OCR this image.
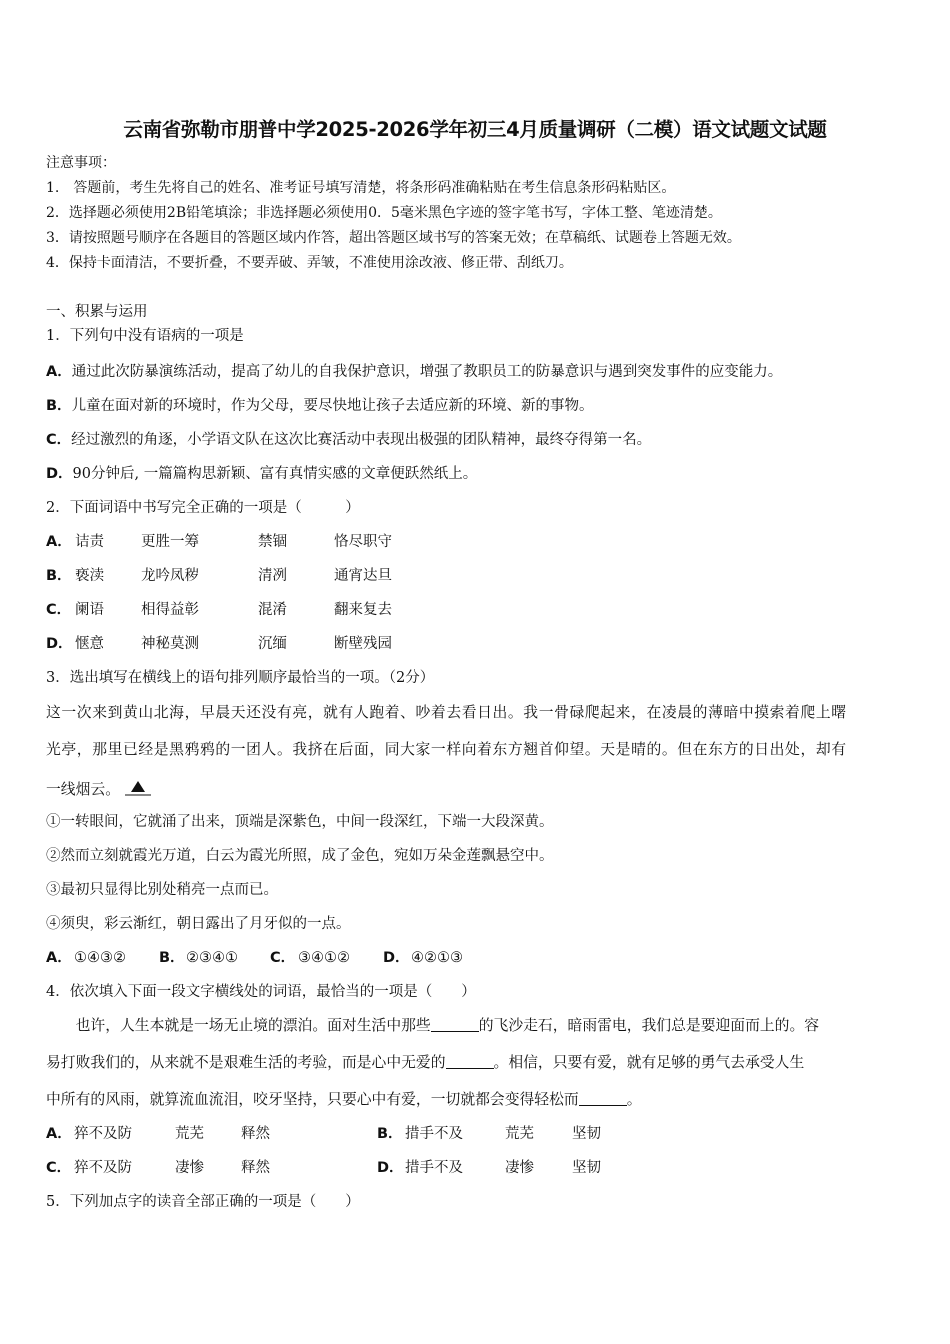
云南省弥勒市朋普中学2025-2026学年初三4月质量调研（二模）语文试题文试题
注意事项：
1.　答题前，考生先将自己的姓名、准考证号填写清楚，将条形码准确粘贴在考生信息条形码粘贴区。
2．选择题必须使用2B铅笔填涂；非选择题必须使用0．5毫米黑色字迹的签字笔书写，字体工整、笔迹清楚。
3．请按照题号顺序在各题目的答题区域内作答，超出答题区域书写的答案无效；在草稿纸、试题卷上答题无效。
4．保持卡面清洁，不要折叠，不要弄破、弄皱，不准使用涂改液、修正带、刮纸刀。
一、积累与运用
1．下列句中没有语病的一项是
A．通过此次防暴演练活动，提高了幼儿的自我保护意识，增强了教职员工的防暴意识与遇到突发事件的应变能力。
B．儿童在面对新的环境时，作为父母，要尽快地让孩子去适应新的环境、新的事物。
C．经过激烈的角逐，小学语文队在这次比赛活动中表现出极强的团队精神，最终夺得第一名。
D．90分钟后, 一篇篇构思新颖、富有真情实感的文章便跃然纸上。
2．下面词语中书写完全正确的一项是（　　　）
A． 诘责	更胜一筹	禁锢	恪尽职守
B． 亵渎	龙吟凤秽	清冽	通宵达旦
C． 阑语	相得益彰	混淆	翻来复去
D． 惬意	神秘莫测	沉缅	断壁残园
3．选出填写在横线上的语句排列顺序最恰当的一项。（2分）
这一次来到黄山北海，早晨天还没有亮，就有人跑着、吵着去看日出。我一骨碌爬起来，在凌晨的薄暗中摸索着爬上曙
光亭，那里已经是黑鸦鸦的一团人。我挤在后面，同大家一样向着东方翘首仰望。天是晴的。但在东方的日出处，却有
一线烟云。
①一转眼间，它就涌了出来，顶端是深紫色，中间一段深红，下端一大段深黄。
②然而立刻就霞光万道，白云为霞光所照，成了金色，宛如万朵金莲飘悬空中。
③最初只显得比别处稍亮一点而已。
④须臾，彩云渐红，朝日露出了月牙似的一点。
A． ①④③② B． ②③④① C． ③④①② D． ④②①③
4．依次填入下面一段文字横线处的词语，最恰当的一项是（　　）
　　也许，人生本就是一场无止境的漂泊。面对生活中那些	的飞沙走石，暗雨雷电，我们总是要迎面而上的。容
易打败我们的，从来就不是艰难生活的考验，而是心中无爱的	。相信，只要有爱，就有足够的勇气去承受人生
中所有的风雨，就算流血流泪，咬牙坚持，只要心中有爱，一切就都会变得轻松而	。
A． 猝不及防	荒芜	释然	B． 措手不及	荒芜	坚韧
C． 猝不及防	凄惨	释然	D． 措手不及	凄惨	坚韧
5．下列加点字的读音全部正确的一项是（　　）
